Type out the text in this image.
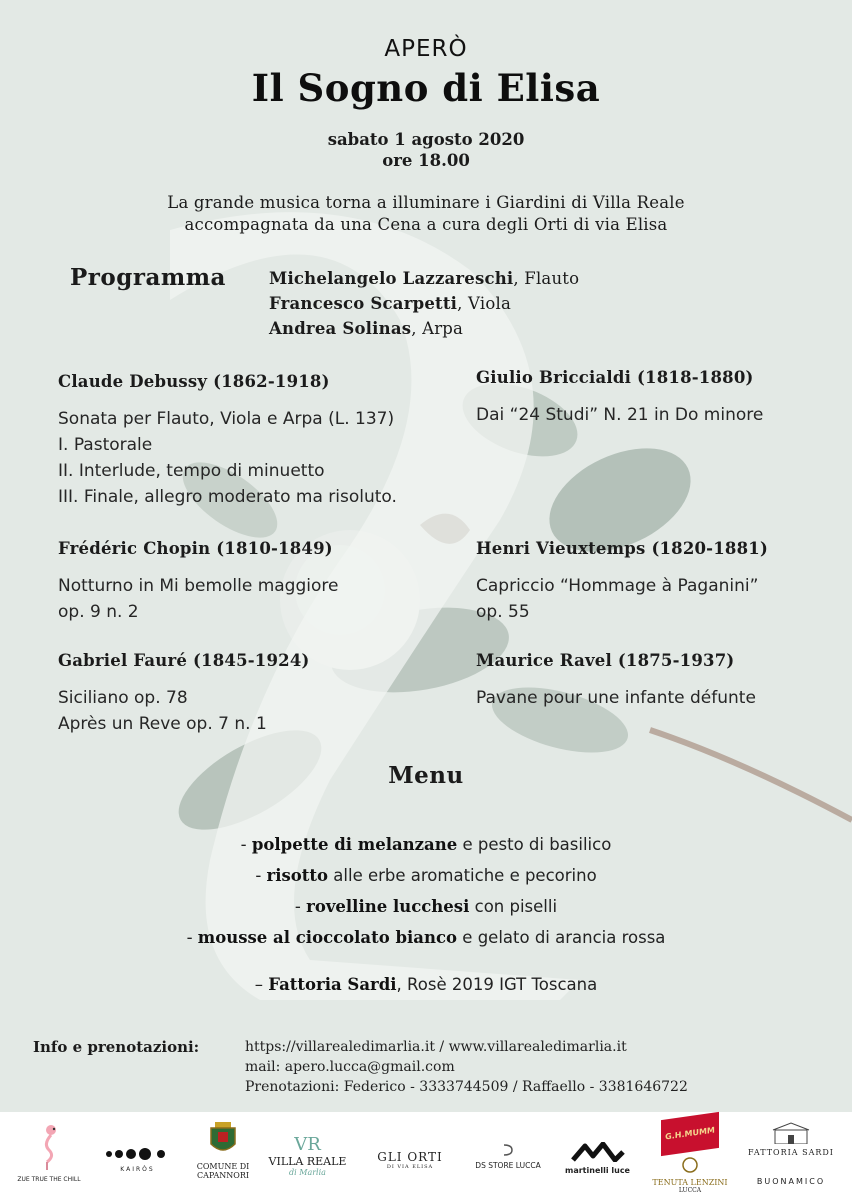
APERÒ
Il Sogno di Elisa
sabato 1 agosto 2020
ore 18.00
La grande musica torna a illuminare i Giardini di Villa Reale
accompagnata da una Cena a cura degli Orti di via Elisa
Programma	Michelangelo Lazzareschi, Flauto
Francesco Scarpetti, Viola
Andrea Solinas, Arpa
Claude Debussy (1862-1918)
Sonata per Flauto, Viola e Arpa (L. 137)
I. Pastorale
II. Interlude, tempo di minuetto
III. Finale, allegro moderato ma risoluto.
Giulio Briccialdi (1818-1880)
Dai “24 Studi” N. 21 in Do minore
Frédéric Chopin (1810-1849)
Notturno in Mi bemolle maggiore
op. 9 n. 2
Henri Vieuxtemps (1820-1881)
Capriccio “Hommage à Paganini”
op. 55
Gabriel Fauré (1845-1924)
Siciliano op. 78
Après un Reve op. 7 n. 1
Maurice Ravel (1875-1937)
Pavane pour une infante défunte
Menu
- polpette di melanzane e pesto di basilico
- risotto alle erbe aromatiche e pecorino
- rovelline lucchesi con piselli
- mousse al cioccolato bianco e gelato di arancia rossa
– Fattoria Sardi, Rosè 2019 IGT Toscana
Info e prenotazioni:	https://villarealedimarlia.it / www.villarealedimarlia.it
mail: apero.lucca@gmail.com
Prenotazioni: Federico - 3333744509 / Raffaello - 3381646722
ZUE TRUE THE CHILL
KAIRÒS	COMUNE DI
CAPANNORI
VR
VILLA REALE
di Marlia
GLI ORTI
DI VIA ELISA	DS STORE LUCCA
martinelli luce
G.H.MUMM
TENUTA LENZINI
LUCCA
FATTORIA SARDI
BUONAMICO
